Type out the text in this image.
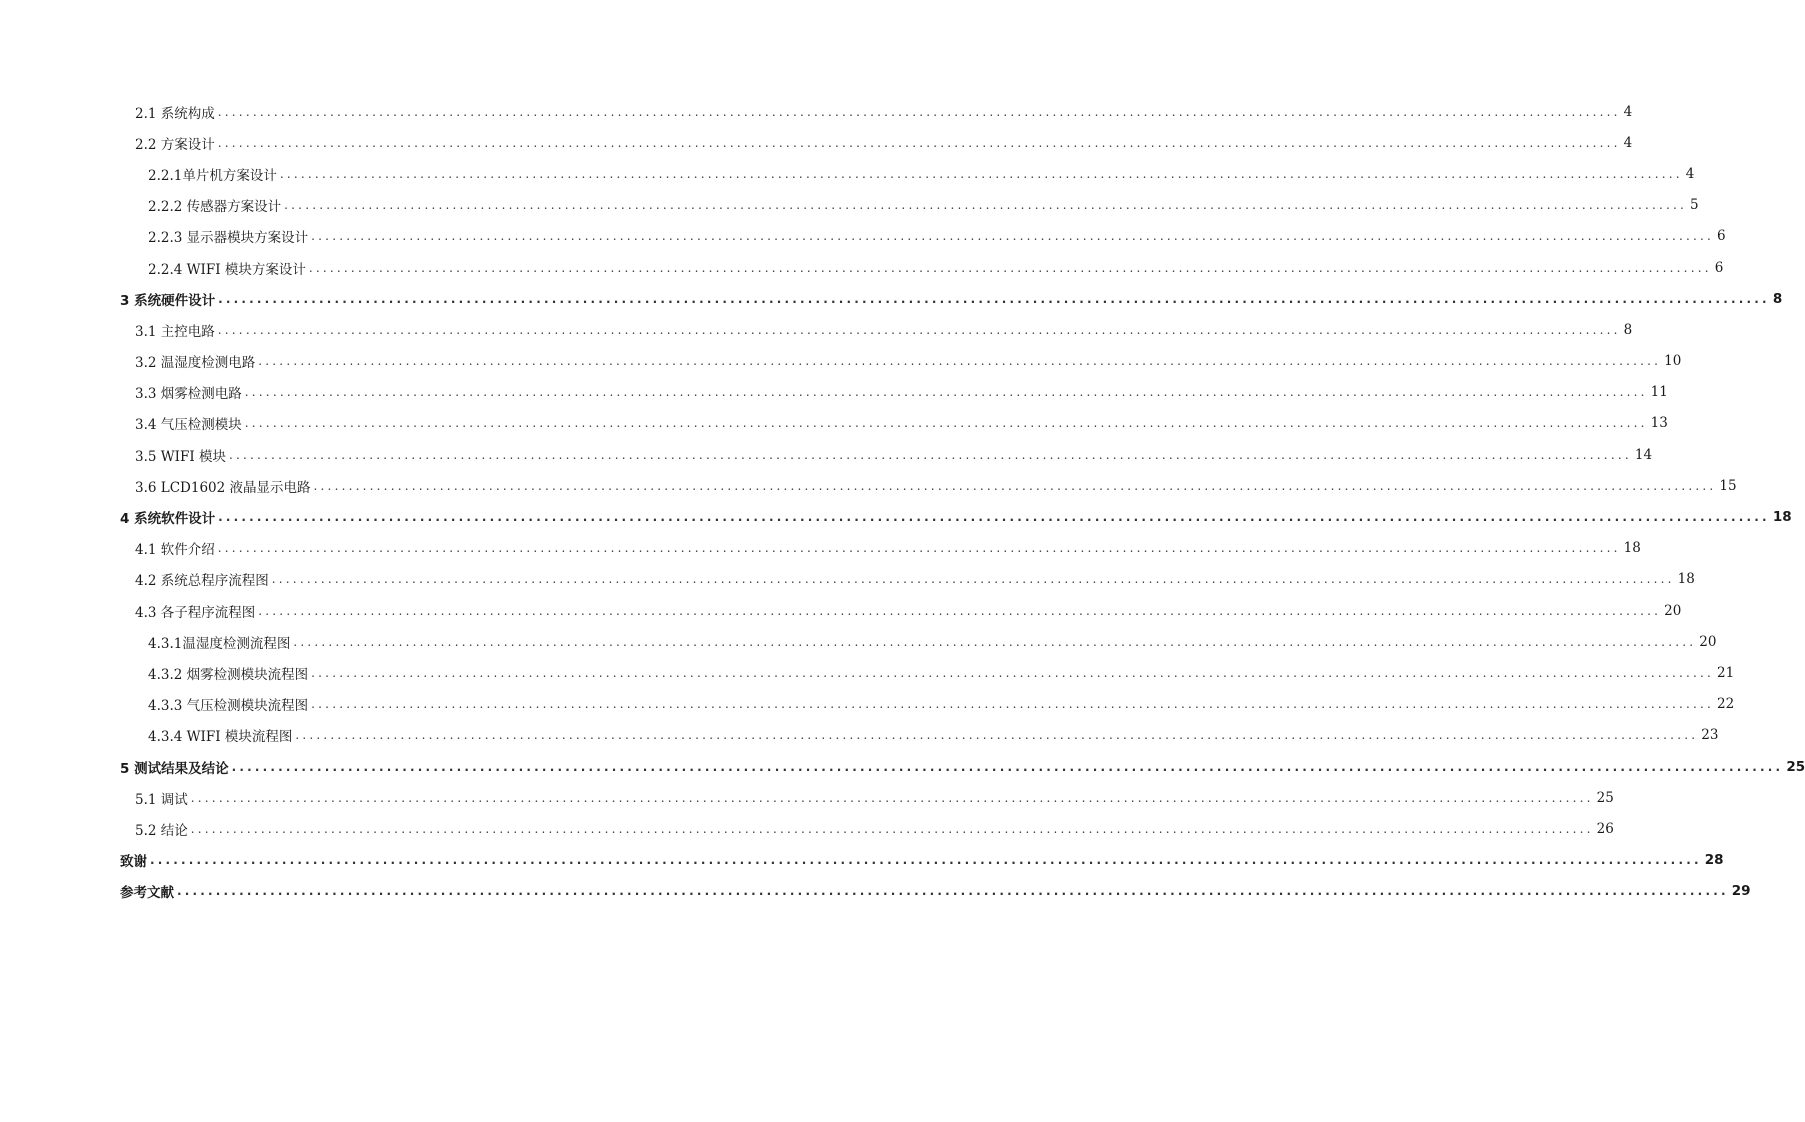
2.1 系统构成 ........................................................................................................................................................................................................ 4
2.2 方案设计 ........................................................................................................................................................................................................ 4
2.2.1单片机方案设计 ........................................................................................................................................................................................................ 4
2.2.2 传感器方案设计 ........................................................................................................................................................................................................ 5
2.2.3 显示器模块方案设计 ........................................................................................................................................................................................................ 6
2.2.4 WIFI 模块方案设计 ........................................................................................................................................................................................................ 6
3 系统硬件设计 ........................................................................................................................................................................................................ 8
3.1 主控电路 ........................................................................................................................................................................................................ 8
3.2 温湿度检测电路 ........................................................................................................................................................................................................ 10
3.3 烟雾检测电路 ........................................................................................................................................................................................................ 11
3.4 气压检测模块 ........................................................................................................................................................................................................ 13
3.5 WIFI 模块 ........................................................................................................................................................................................................ 14
3.6 LCD1602 液晶显示电路 ........................................................................................................................................................................................................ 15
4 系统软件设计 ........................................................................................................................................................................................................ 18
4.1 软件介绍 ........................................................................................................................................................................................................ 18
4.2 系统总程序流程图 ........................................................................................................................................................................................................ 18
4.3 各子程序流程图 ........................................................................................................................................................................................................ 20
4.3.1温湿度检测流程图 ........................................................................................................................................................................................................ 20
4.3.2 烟雾检测模块流程图 ........................................................................................................................................................................................................ 21
4.3.3 气压检测模块流程图 ........................................................................................................................................................................................................ 22
4.3.4 WIFI 模块流程图 ........................................................................................................................................................................................................ 23
5 测试结果及结论 ........................................................................................................................................................................................................ 25
5.1 调试 ........................................................................................................................................................................................................ 25
5.2 结论 ........................................................................................................................................................................................................ 26
致谢 ........................................................................................................................................................................................................ 28
参考文献 ........................................................................................................................................................................................................ 29
